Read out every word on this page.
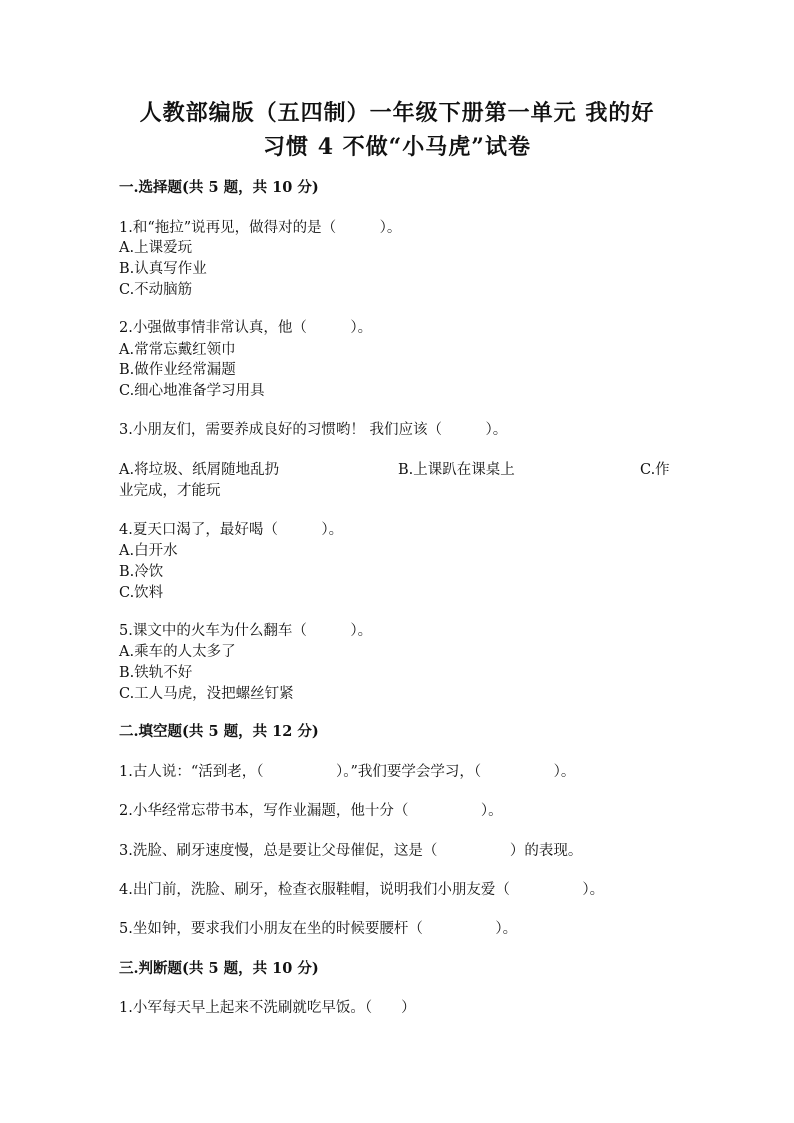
人教部编版（五四制）一年级下册第一单元 我的好
习惯 4 不做“小马虎”试卷
一.选择题(共 5 题，共 10 分)
1.和“拖拉”说再见，做得对的是（　　　）。
A.上课爱玩
B.认真写作业
C.不动脑筋
2.小强做事情非常认真，他（　　　）。
A.常常忘戴红领巾
B.做作业经常漏题
C.细心地准备学习用具
3.小朋友们，需要养成良好的习惯哟！ 我们应该（　　　）。
A.将垃圾、纸屑随地乱扔	B.上课趴在课桌上	C.作
业完成，才能玩
4.夏天口渴了，最好喝（　　　）。
A.白开水
B.冷饮
C.饮料
5.课文中的火车为什么翻车（　　　）。
A.乘车的人太多了
B.铁轨不好
C.工人马虎，没把螺丝钉紧
二.填空题(共 5 题，共 12 分)
1.古人说：“活到老，（　　　　　）。”我们要学会学习，（　　　　　）。
2.小华经常忘带书本，写作业漏题，他十分（　　　　　）。
3.洗脸、刷牙速度慢，总是要让父母催促，这是（　　　　　）的表现。
4.出门前，洗脸、刷牙，检查衣服鞋帽，说明我们小朋友爱（　　　　　）。
5.坐如钟，要求我们小朋友在坐的时候要腰杆（　　　　　）。
三.判断题(共 5 题，共 10 分)
1.小军每天早上起来不洗刷就吃早饭。（　　）
